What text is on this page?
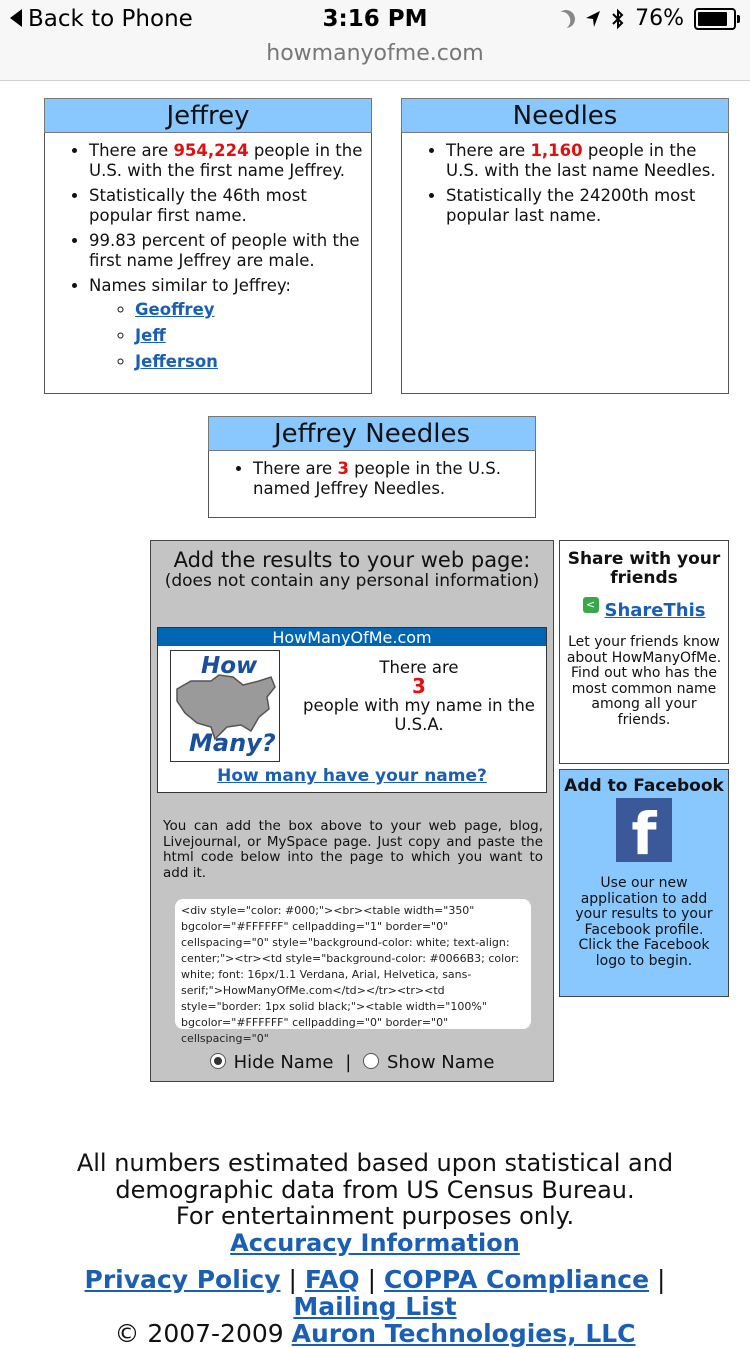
Back to Phone	3:16 PM	76%
howmanyofme.com
Jeffrey
• There are 954,224 people in the U.S. with the first name Jeffrey.
• Statistically the 46th most popular first name.
• 99.83 percent of people with the first name Jeffrey are male.
• Names similar to Jeffrey:
◦ Geoffrey
◦ Jeff
◦ Jefferson
Needles
• There are 1,160 people in the U.S. with the last name Needles.
• Statistically the 24200th most popular last name.
Jeffrey Needles
• There are 3 people in the U.S. named Jeffrey Needles.
Add the results to your web page:
(does not contain any personal information)
HowManyOfMe.com
How
Many?
There are
3
people with my name in the U.S.A.
How many have your name?
You can add the box above to your web page, blog, Livejournal, or MySpace page. Just copy and paste the html code below into the page to which you want to add it.
<div style="color: #000;"><br><table width="350" bgcolor="#FFFFFF" cellpadding="1" border="0" cellspacing="0" style="background-color: white; text-align: center;"><tr><td style="background-color: #0066B3; color: white; font: 16px/1.1 Verdana, Arial, Helvetica, sans-serif;">HowManyOfMe.com</td></tr><tr><td style="border: 1px solid black;"><table width="100%" bgcolor="#FFFFFF" cellpadding="0" border="0" cellspacing="0"
Hide Name | Show Name
Share with your friends
< ShareThis
Let your friends know about HowManyOfMe. Find out who has the most common name among all your friends.
Add to Facebook
f
Use our new application to add your results to your Facebook profile. Click the Facebook logo to begin.
All numbers estimated based upon statistical and demographic data from US Census Bureau.
For entertainment purposes only.
Accuracy Information
Privacy Policy | FAQ | COPPA Compliance |
Mailing List
© 2007-2009 Auron Technologies, LLC
